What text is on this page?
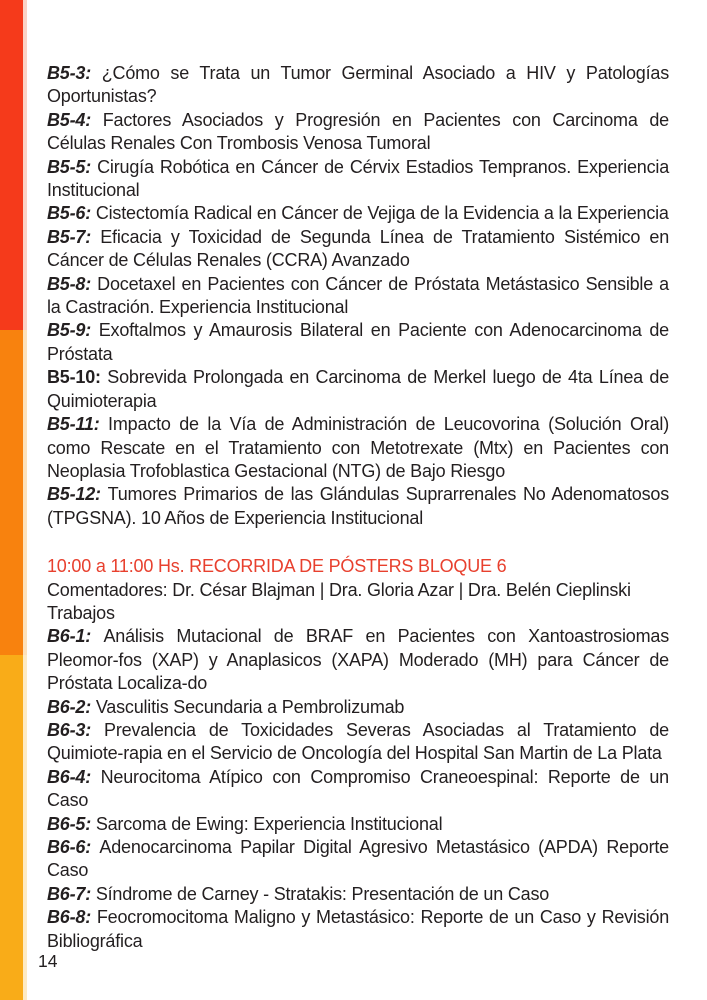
B5-3: ¿Cómo se Trata un Tumor Germinal Asociado a HIV y Patologías Oportunistas?

B5-4: Factores Asociados y Progresión en Pacientes con Carcinoma de Células Renales Con Trombosis Venosa Tumoral

B5-5: Cirugía Robótica en Cáncer de Cérvix Estadios Tempranos. Experiencia Institucional

B5-6: Cistectomía Radical en Cáncer de Vejiga de la Evidencia a la Experiencia

B5-7: Eficacia y Toxicidad de Segunda Línea de Tratamiento Sistémico en Cáncer de Células Renales (CCRA) Avanzado

B5-8: Docetaxel en Pacientes con Cáncer de Próstata Metástasico Sensible a la Castración. Experiencia Institucional

B5-9: Exoftalmos y Amaurosis Bilateral en Paciente con Adenocarcinoma de Próstata

B5-10: Sobrevida Prolongada en Carcinoma de Merkel luego de 4ta Línea de Quimioterapia

B5-11: Impacto de la Vía de Administración de Leucovorina (Solución Oral) como Rescate en el Tratamiento con Metotrexate (Mtx) en Pacientes con Neoplasia Trofoblastica Gestacional (NTG) de Bajo Riesgo

B5-12: Tumores Primarios de las Glándulas Suprarrenales No Adenomatosos (TPGSNA). 10 Años de Experiencia Institucional

10:00 a 11:00 Hs. RECORRIDA DE PÓSTERS BLOQUE 6

Comentadores: Dr. César Blajman | Dra. Gloria Azar | Dra. Belén Cieplinski

Trabajos

B6-1: Análisis Mutacional de BRAF en Pacientes con Xantoastrosiomas Pleomor-fos (XAP) y Anaplasicos (XAPA) Moderado (MH) para Cáncer de Próstata Localiza-do

B6-2: Vasculitis Secundaria a Pembrolizumab

B6-3: Prevalencia de Toxicidades Severas Asociadas al Tratamiento de Quimiote-rapia en el Servicio de Oncología del Hospital San Martin de La Plata

B6-4: Neurocitoma Atípico con Compromiso Craneoespinal: Reporte de un Caso

B6-5: Sarcoma de Ewing: Experiencia Institucional

B6-6: Adenocarcinoma Papilar Digital Agresivo Metastásico (APDA) Reporte Caso

B6-7: Síndrome de Carney - Stratakis: Presentación de un Caso

B6-8: Feocromocitoma Maligno y Metastásico: Reporte de un Caso y Revisión Bibliográfica

14
